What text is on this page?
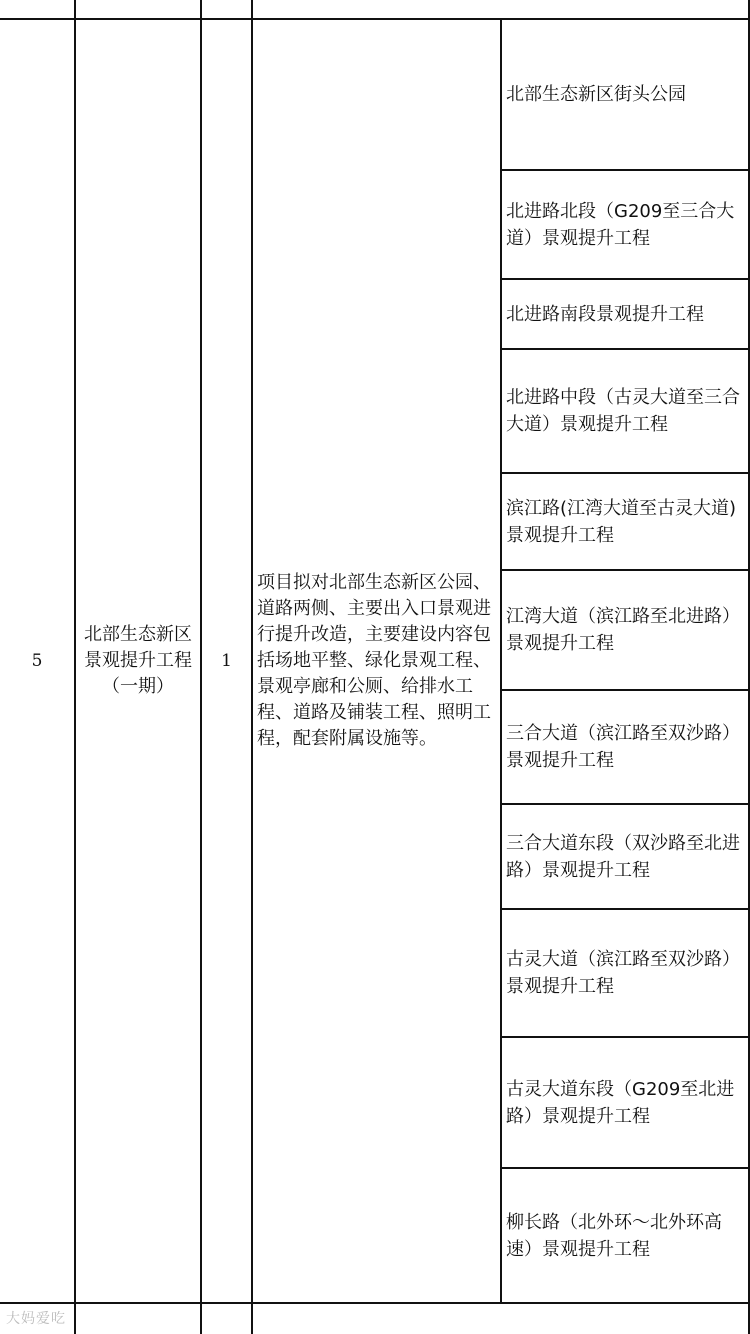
5
北部生态新区景观提升工程（一期）
1
项目拟对北部生态新区公园、道路两侧、主要出入口景观进行提升改造，主要建设内容包括场地平整、绿化景观工程、景观亭廊和公厕、给排水工程、道路及铺装工程、照明工程，配套附属设施等。
北部生态新区街头公园
北进路北段（G209至三合大道）景观提升工程
北进路南段景观提升工程
北进路中段（古灵大道至三合大道）景观提升工程
滨江路(江湾大道至古灵大道)景观提升工程
江湾大道（滨江路至北进路）景观提升工程
三合大道（滨江路至双沙路）景观提升工程
三合大道东段（双沙路至北进路）景观提升工程
古灵大道（滨江路至双沙路）景观提升工程
古灵大道东段（G209至北进路）景观提升工程
柳长路（北外环～北外环高速）景观提升工程
大妈爱吃
